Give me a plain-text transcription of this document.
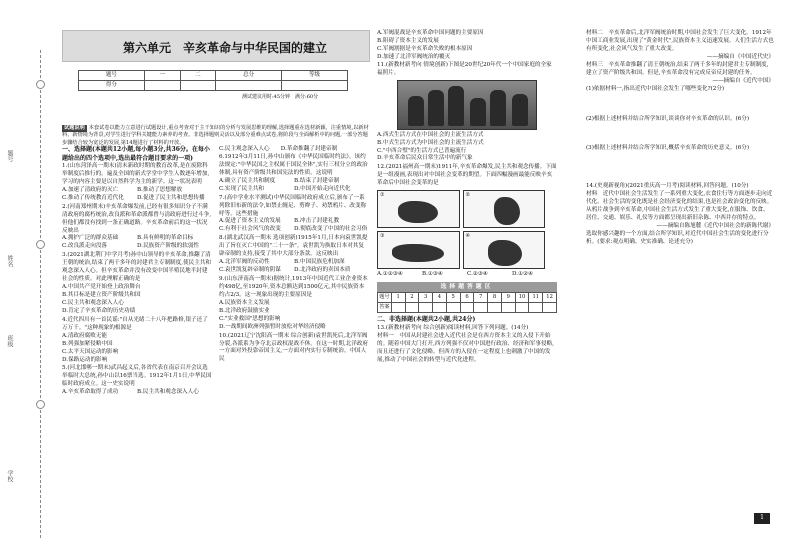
题号
姓名
班级
学校
第六单元　辛亥革命与中华民国的建立
题号	一	二	总分	等级
得分				
测试建议用时:45分钟　满分:60分
试题说明 本套试卷以能力立意进行试题设计,重点考查对于主干知识的分析与发展思维的理解,选择题重在选材新颖、注重情境,以新材料、新情境为背景,对学生进行学科关键能力素养的考查。非选择题则灵活以及部分重难点试卷,将阶段与全面解析中的问题,一部分答题步骤结合较为宽泛的发展,第14题进行了材料的开放。
一、选择题(本题共12小题,每小题3分,共36分。在每小题给出的四个选项中,选出最符合题目要求的一项)
1.(山东菏泽高一期末)清末新政时期的教育改革,是在废除科举制度后推行的。遍及全国的新式学堂中学生人数逐年增加,学习的内容主要是以自然科学为主的新学。这一状况表明
A.加速了清政府的灭亡	B.推动了思想解放
C.推动了传统教育近代化	D.促进了民主共和思想传播
2.(河南郑州期末)辛亥革命爆发前,已经有很多知识分子不满清政府的腐朽统治,改良派和革命派都曾与清政府进行过斗争,但他们都没有找到一条正确道路。辛亥革命前后的这一状况反映出
A.拥护广泛的群众基础	B.具有鲜明的革命目标
C.改良派走向没落	D.民族资产阶级的软弱性
3.(2021湖北荆门中学月考)孙中山领导的辛亥革命,推翻了清王朝的统治,结束了两千多年的封建君主专制制度,使民主共和观念深入人心。但辛亥革命并没有改变中国半殖民地半封建社会的性质。对此理解正确的是
A.中国共产党开始登上政治舞台
B.其目标是建立资产阶级共和国
C.民主共和观念深入人心
D.肯定了辛亥革命的历史功绩
4.近代四川有一首民谣:"自从光绪二十八年把路修,银子还了万万千。"这种现象的根源是
A.清政府腐败无能
B.列强加紧侵略中国
C.太平天国运动的影响
D.保路运动的影响
5.(河北邯郸一期末)武昌起义后,各省代表在南京召开会议选举临时大总统,孙中山以16票当选。1912年1月1日,中华民国临时政府成立。这一史实说明
A.辛亥革命取得了成功	B.民主共和观念深入人心
C.民主观念深入人心　　D.革命推翻了封建帝制
6.1912年3月11日,孙中山颁布《中华民国临时约法》。该约法规定:"中华民国之主权属于国民全体",实行三权分立的政治体制,具有资产阶级共和国宪法的性质。这说明
A.确立了民主共和制度	B.结束了封建帝制
C.实现了民主共和	D.中国开始走向近代化
7.(高中学业水平测试)中华民国临时政府成立后,颁布了一系列除旧布新的法令,如禁止缠足、剪辫子、劝禁鸦片、改变称呼等。这些措施
A.促进了资本主义的发展	B.冲击了封建礼教
C.有利于社会风气的改变	D.彻底改变了中国的社会习俗
8.(湖北武汉高一期末 选项创新)1915年1月,日本向袁世凯提出了旨在灭亡中国的"二十一条"。袁世凯为换取日本对其复辟帝制的支持,接受了其中大部分条款。这反映出
A.北洋军阀的反动性	B.中国民族危机加深
C.袁世凯复辟帝制的阴谋	D.北洋政府的卖国本质
9.(山东济南高一期末)据统计,1913年中国近代工业企业资本约498亿,至1920年,资本总额达到1500亿元,其中民族资本约占2/3。这一现象出现的主要原因是
A.民族资本主义发展
B.北洋政府鼓励实业
C."实业救国"思想的影响
D.一战期间欧洲列强暂时放松对华经济侵略
10.(2021辽宁沈阳高一期末 综合创新)袁世凯死后,北洋军阀分裂,各派系为争夺北京政权混战不休。在这一时期,北洋政府一方面对外投靠帝国主义,一方面对内实行专制统治。中国人民
A.军阀混战是辛亥革命中国问题的主要原因
B.阻碍了资本主义的发展
C.军阀割据是辛亥革命失败的根本原因
D.加速了北洋军阀统治的覆灭
11.(新教材新考向 情境创新)下图是20世纪20年代一个中国家庭的全家福照片。
A.西式生活方式在中国社会的主流生活方式
B.中式生活方式为中国社会的主流生活方式
C."中西合璧"的生活方式已普遍流行
D.辛亥革命后民众日常生活中的新气象
12.(2021福州高一期末)1911年,辛亥革命爆发,民主共和观念传播。下面是一组漫画,表现出对中国社会变革的期望。下面四幅漫画最能反映辛亥革命后中国社会变革的是
①	②
③	④
A.①②③④	B.①③④	C.②③④	D.①②④
选择题答题区
题号	1	2	3	4	5	6	7	8	9	10	11	12
答案												
二、非选择题(本题共2小题,共24分)
13.(新教材新考向 综合创新)阅读材料,回答下列问题。(14分)
材料一　中国从封建社会进入近代社会是在西方资本主义的入侵下开始的。随着中国大门打开,西方列强不仅对中国进行政治、经济和军事侵略,而且还进行了文化侵略。但西方的入侵在一定程度上也刺激了中国的发展,推动了中国社会的转型与近代化进程。
材料二　辛亥革命后,北洋军阀统治时期,中国社会发生了巨大变化。1912年中国工商业发展,出现了"黄金时代",民族资本主义迅速发展。人们生活方式也有所变化,社会风气发生了重大改变。
——摘编自《中国近代史》
材料三　辛亥革命推翻了清王朝统治,结束了两千多年的封建君主专制制度,建立了资产阶级共和国。但是,辛亥革命没有完成反帝反封建的任务。
——摘编自《近代中国》
(1)依据材料一,指出近代中国社会发生了哪些变化?(2分)
(2)根据上述材料并结合所学知识,谈谈你对辛亥革命的认识。(6分)
(3)根据上述材料并结合所学知识,概括辛亥革命的历史意义。(6分)
14.(史观新视角)(2021重庆高一月考)阅读材料,回答问题。(10分)
材料　近代中国社会生活发生了一系列重大变化,衣食住行等方面逐步走向近代化。社会生活的变化既是社会经济变化的结果,也是社会政治变化的反映。从鸦片战争到辛亥革命,中国社会生活方式发生了重大变化,在服饰、饮食、居住、交通、娱乐、礼仪等方面都呈现出新旧杂陈、中西并存的特点。
——摘编自陈旭麓《近代中国社会的新陈代谢》
选取你感兴趣的一个方面,结合所学知识,对近代中国社会生活的变化进行分析。(要求:观点明确、史实准确、论述充分)
1
